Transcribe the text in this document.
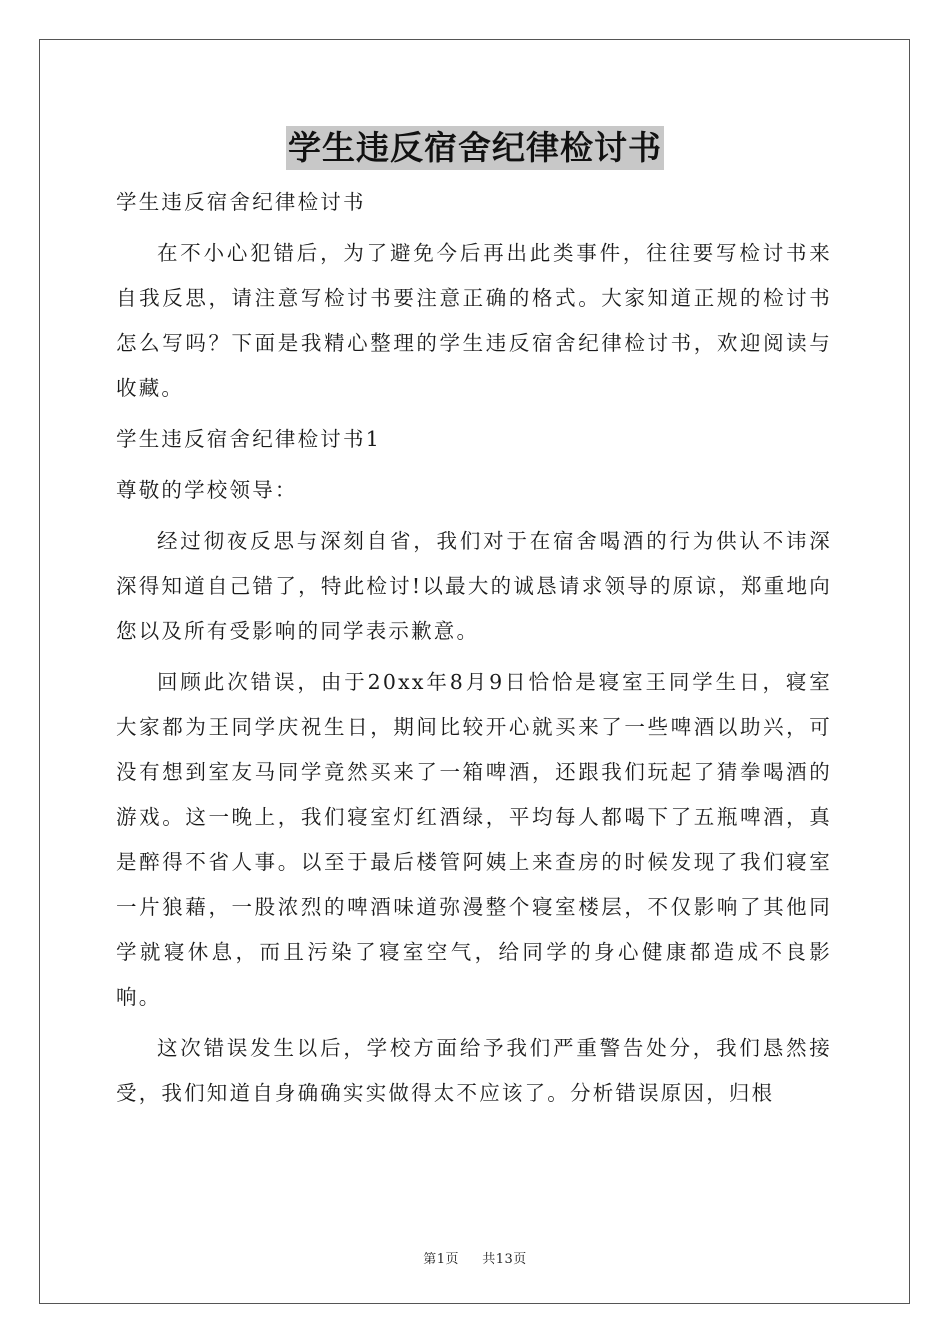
学生违反宿舍纪律检讨书

学生违反宿舍纪律检讨书

在不小心犯错后，为了避免今后再出此类事件，往往要写检讨书来自我反思，请注意写检讨书要注意正确的格式。大家知道正规的检讨书怎么写吗？下面是我精心整理的学生违反宿舍纪律检讨书，欢迎阅读与收藏。

学生违反宿舍纪律检讨书1

尊敬的学校领导：

经过彻夜反思与深刻自省，我们对于在宿舍喝酒的行为供认不讳深深得知道自己错了，特此检讨!以最大的诚恳请求领导的原谅，郑重地向您以及所有受影响的同学表示歉意。

回顾此次错误，由于20xx年8月9日恰恰是寝室王同学生日，寝室大家都为王同学庆祝生日，期间比较开心就买来了一些啤酒以助兴，可没有想到室友马同学竟然买来了一箱啤酒，还跟我们玩起了猜拳喝酒的游戏。这一晚上，我们寝室灯红酒绿，平均每人都喝下了五瓶啤酒，真是醉得不省人事。以至于最后楼管阿姨上来查房的时候发现了我们寝室一片狼藉，一股浓烈的啤酒味道弥漫整个寝室楼层，不仅影响了其他同学就寝休息，而且污染了寝室空气，给同学的身心健康都造成不良影响。

这次错误发生以后，学校方面给予我们严重警告处分，我们恳然接受，我们知道自身确确实实做得太不应该了。分析错误原因，归根

第1页 共13页
